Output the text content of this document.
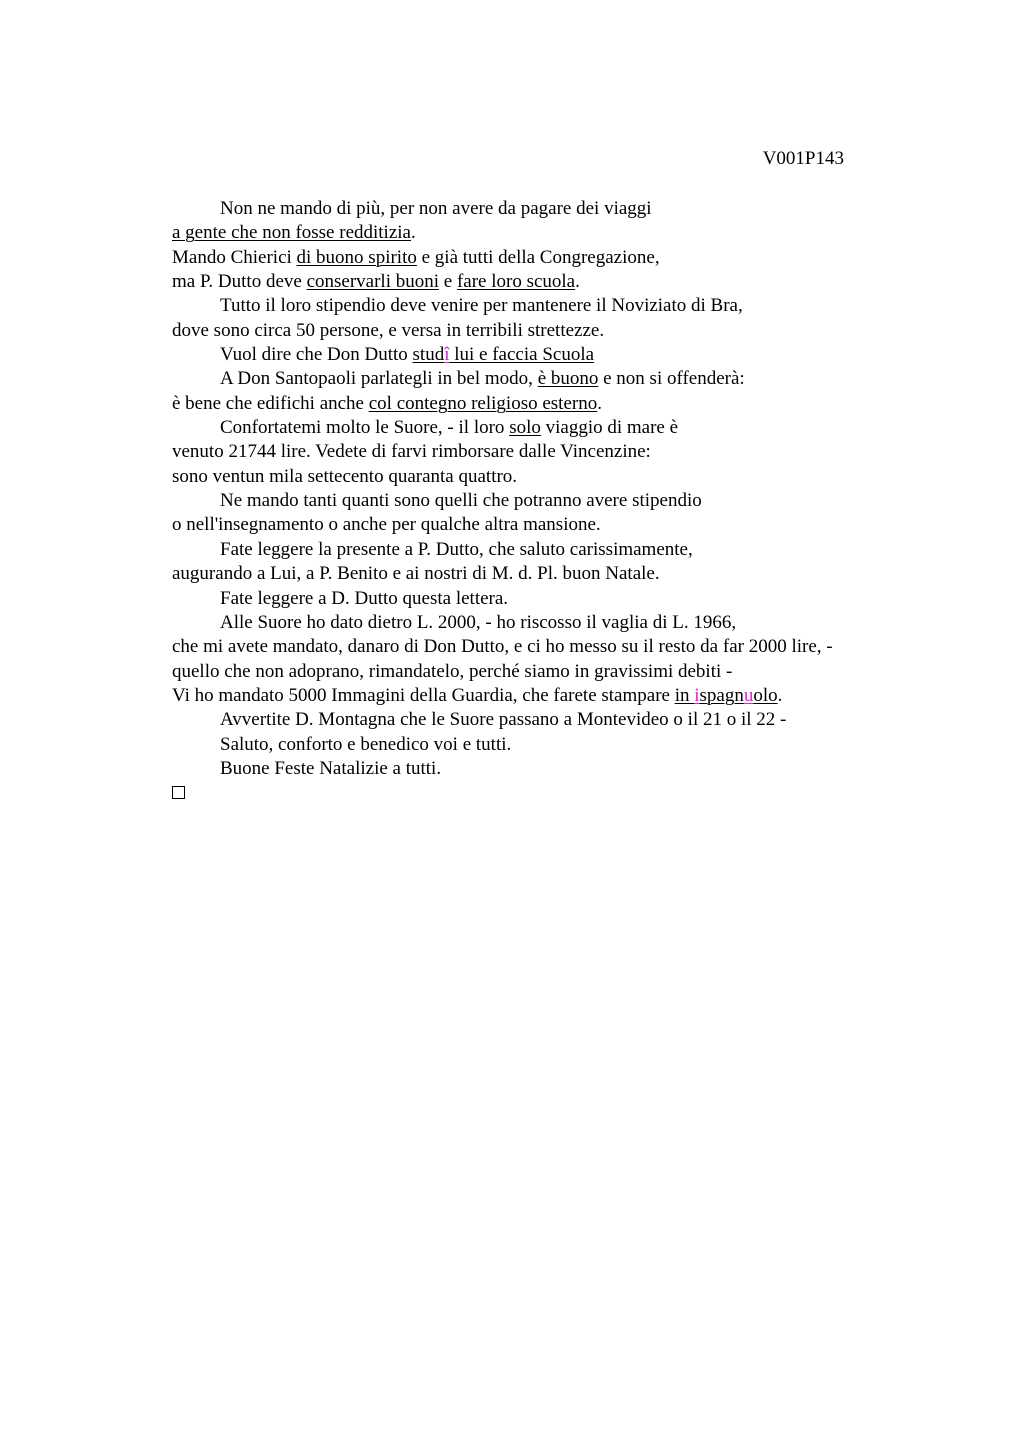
V001P143
Non ne mando di più, per non avere da pagare dei viaggi
a gente che non fosse redditizia.
Mando Chierici di buono spirito e già tutti della Congregazione,
ma P. Dutto deve conservarli buoni e fare loro scuola.
Tutto il loro stipendio deve venire per mantenere il Noviziato di Bra,
dove sono circa 50 persone, e versa in terribili strettezze.
Vuol dire che Don Dutto studî lui e faccia Scuola
A Don Santopaoli parlategli in bel modo, è buono e non si offenderà:
è bene che edifichi anche col contegno religioso esterno.
Confortatemi molto le Suore, - il loro solo viaggio di mare è
venuto 21744 lire. Vedete di farvi rimborsare dalle Vincenzine:
sono ventun mila settecento quaranta quattro.
Ne mando tanti quanti sono quelli che potranno avere stipendio
o nell'insegnamento o anche per qualche altra mansione.
Fate leggere la presente a P. Dutto, che saluto carissimamente,
augurando a Lui, a P. Benito e ai nostri di M. d. Pl. buon Natale.
Fate leggere a D. Dutto questa lettera.
Alle Suore ho dato dietro L. 2000, - ho riscosso il vaglia di L. 1966,
che mi avete mandato, danaro di Don Dutto, e ci ho messo su il resto da far 2000 lire, -
quello che non adoprano, rimandatelo, perché siamo in gravissimi debiti -
Vi ho mandato 5000 Immagini della Guardia, che farete stampare in ispagnuolo.
Avvertite D. Montagna che le Suore passano a Montevideo o il 21 o il 22 -
Saluto, conforto e benedico voi e tutti.
Buone Feste Natalizie a tutti.
